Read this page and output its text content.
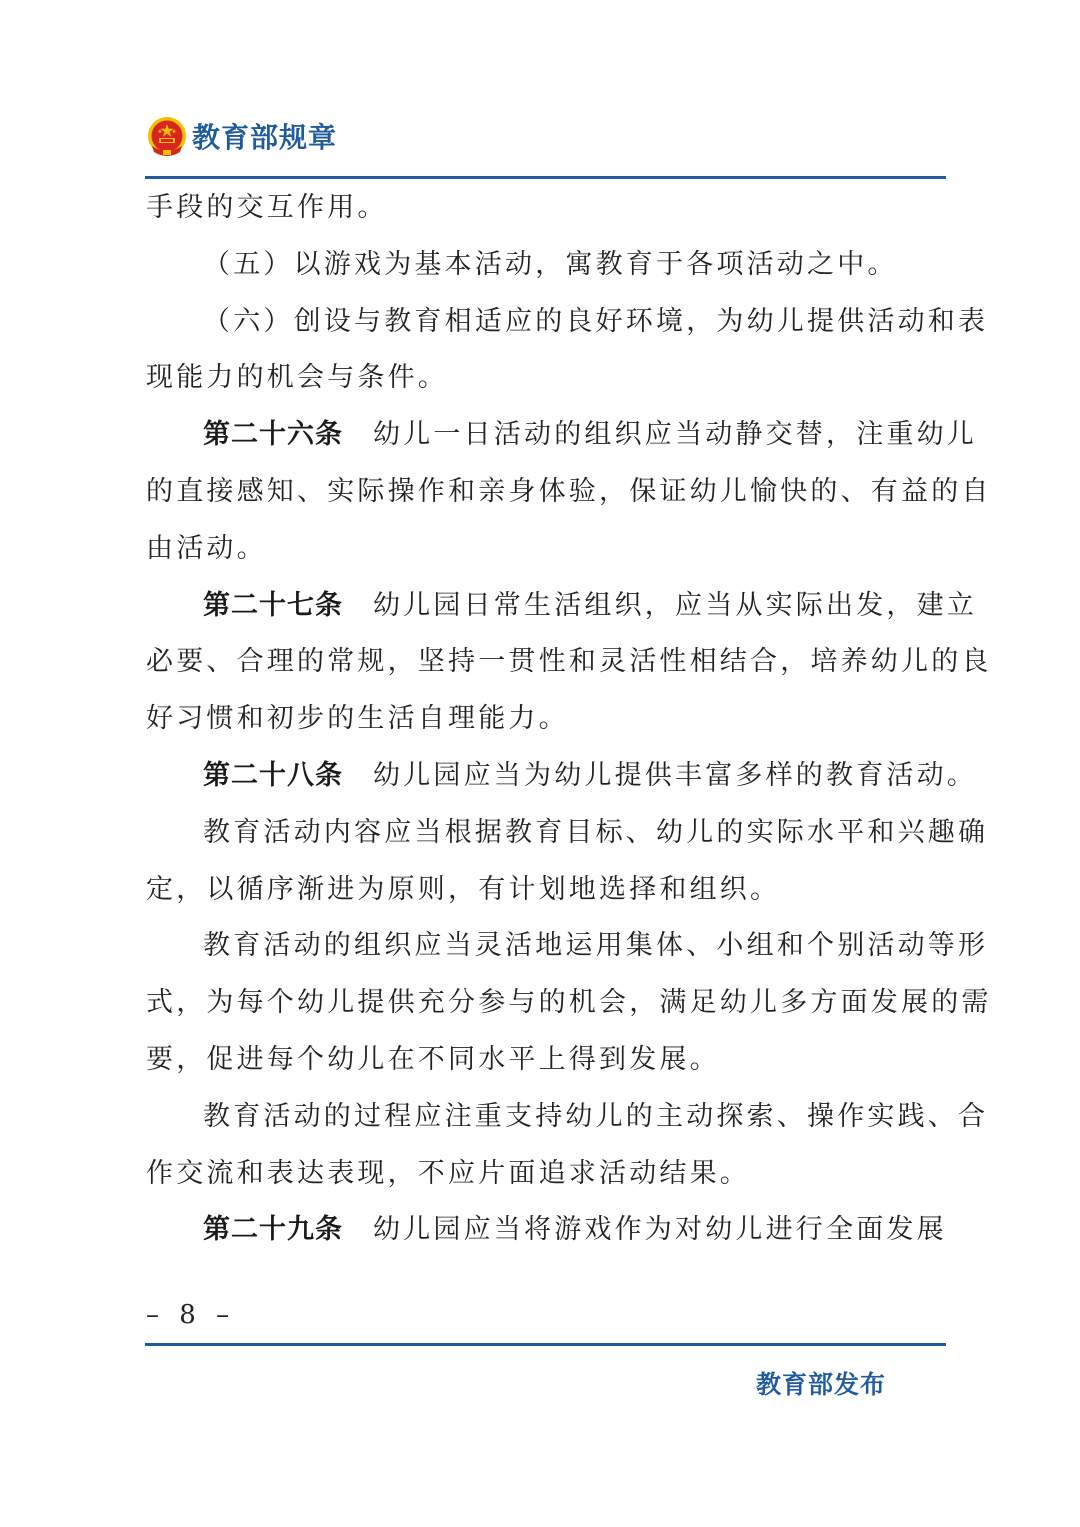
教育部规章
手段的交互作用。
（五）以游戏为基本活动，寓教育于各项活动之中。
（六）创设与教育相适应的良好环境，为幼儿提供活动和表
现能力的机会与条件。
第二十六条 幼儿一日活动的组织应当动静交替，注重幼儿
的直接感知、实际操作和亲身体验，保证幼儿愉快的、有益的自
由活动。
第二十七条 幼儿园日常生活组织，应当从实际出发，建立
必要、合理的常规，坚持一贯性和灵活性相结合，培养幼儿的良
好习惯和初步的生活自理能力。
第二十八条 幼儿园应当为幼儿提供丰富多样的教育活动。
教育活动内容应当根据教育目标、幼儿的实际水平和兴趣确
定，以循序渐进为原则，有计划地选择和组织。
教育活动的组织应当灵活地运用集体、小组和个别活动等形
式，为每个幼儿提供充分参与的机会，满足幼儿多方面发展的需
要，促进每个幼儿在不同水平上得到发展。
教育活动的过程应注重支持幼儿的主动探索、操作实践、合
作交流和表达表现，不应片面追求活动结果。
第二十九条 幼儿园应当将游戏作为对幼儿进行全面发展
– 8 –
教育部发布
